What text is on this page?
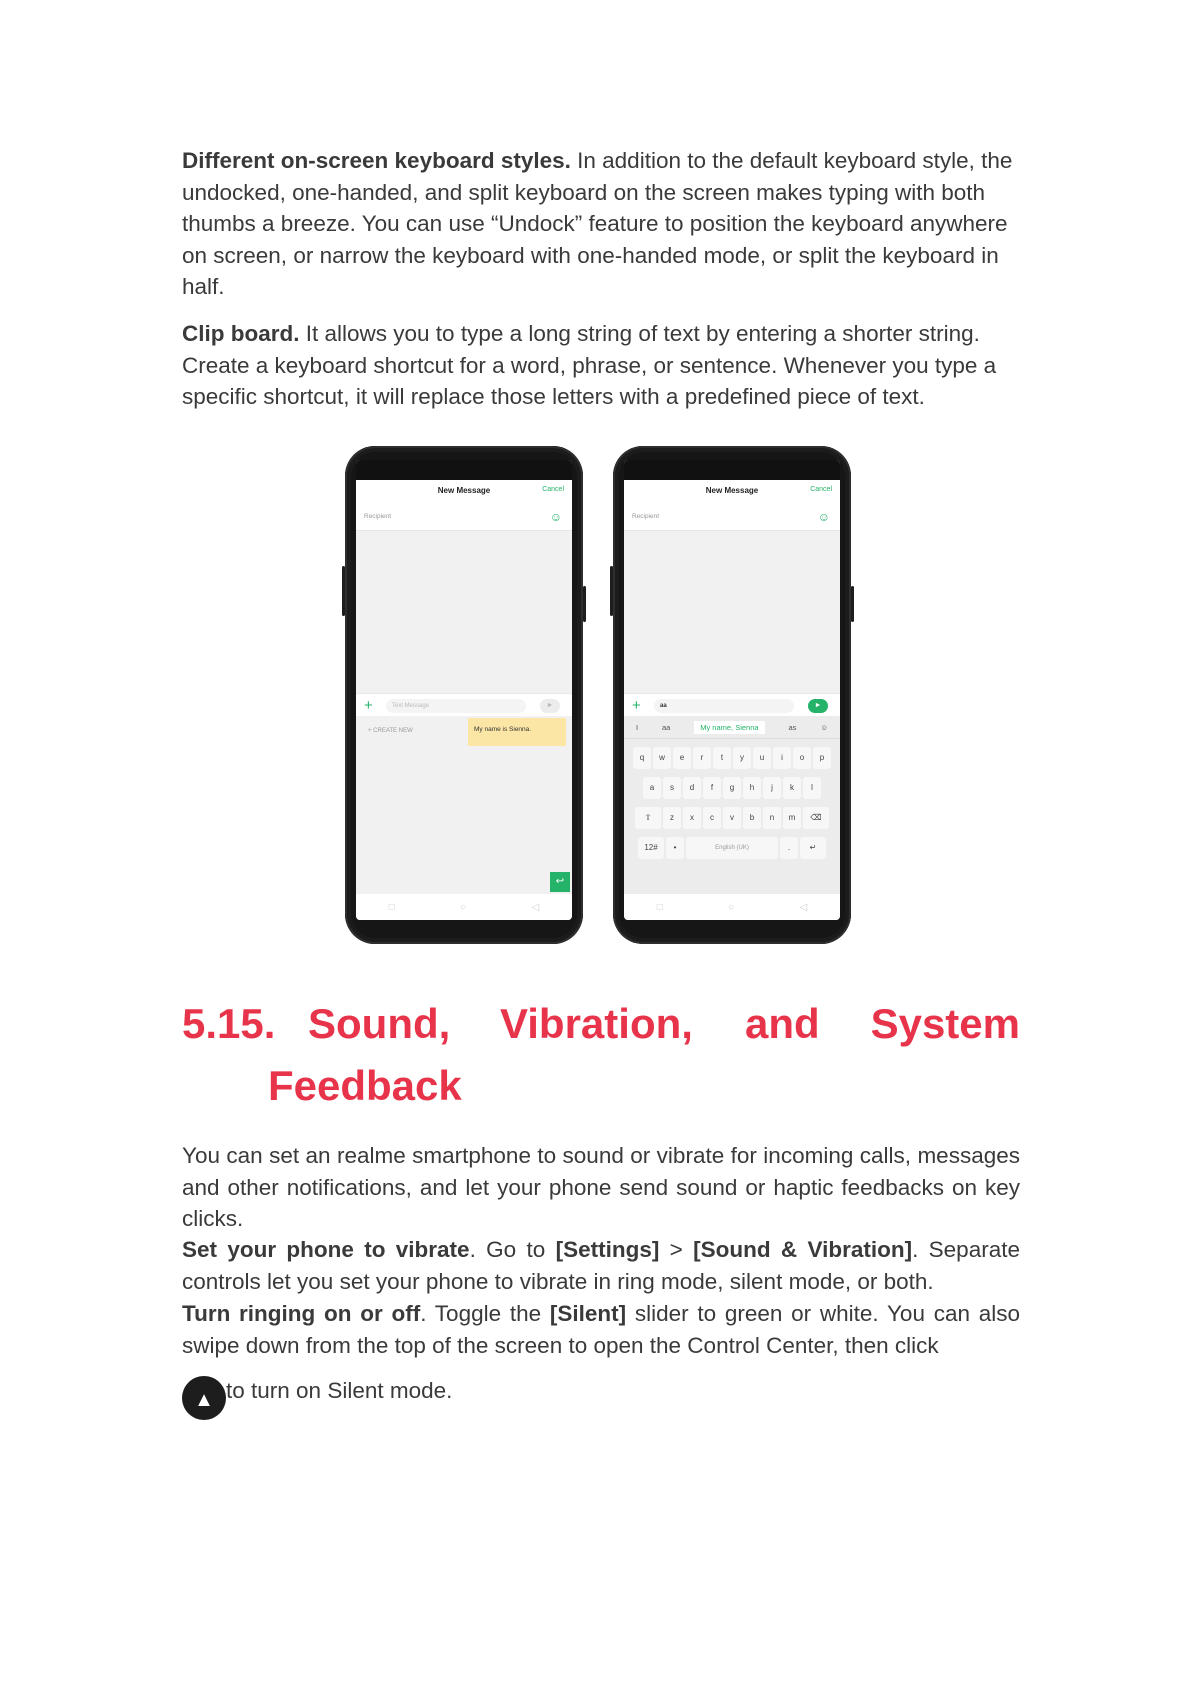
Different on-screen keyboard styles. In addition to the default keyboard style, the undocked, one-handed, and split keyboard on the screen makes typing with both thumbs a breeze. You can use “Undock” feature to position the keyboard anywhere on screen, or narrow the keyboard with one-handed mode, or split the keyboard in half.

Clip board. It allows you to type a long string of text by entering a shorter string. Create a keyboard shortcut for a word, phrase, or sentence. Whenever you type a specific shortcut, it will replace those letters with a predefined piece of text.

New Message	Cancel
Recipient	☺
+	Text Message	►
+ CREATE NEW	My name is Sienna.
↩
□	○	◁
New Message	Cancel
Recipient	☺
+	aa	►
I	aa	My name, Sienna	as	☺
q	w	e	r	t	y	u	i	o	p
a	s	d	f	g	h	j	k	l
⇧	z	x	c	v	b	n	m	⌫
12#	•	English (UK)	.	↵
□	○	◁
5.15. Sound, Vibration, and System
Feedback

You can set an realme smartphone to sound or vibrate for incoming calls, messages and other notifications, and let your phone send sound or haptic feedbacks on key clicks.

Set your phone to vibrate. Go to [Settings] > [Sound & Vibration]. Separate controls let you set your phone to vibrate in ring mode, silent mode, or both.

Turn ringing on or off. Toggle the [Silent] slider to green or white. You can also swipe down from the top of the screen to open the Control Center, then click

▲ to turn on Silent mode.
